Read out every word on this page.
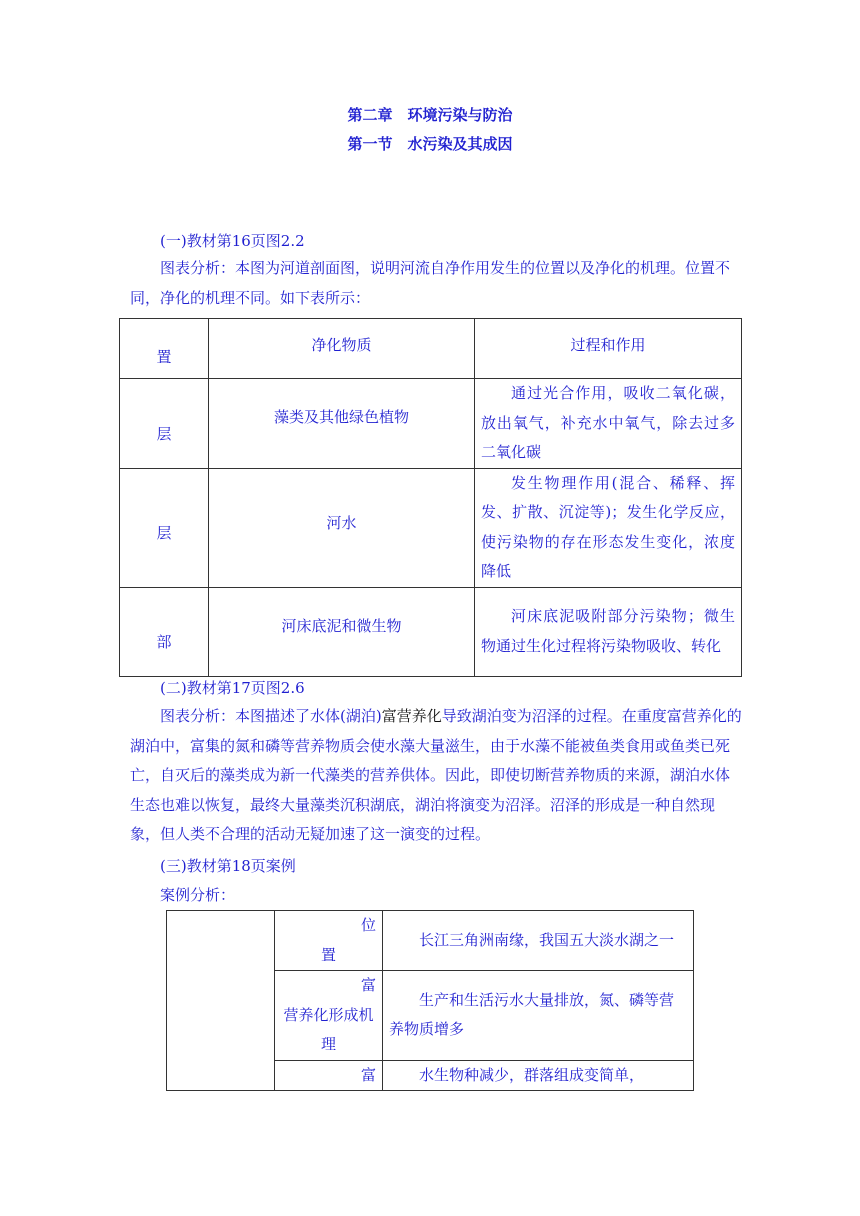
第二章　环境污染与防治
第一节　水污染及其成因
(一)教材第16页图2.2
图表分析：本图为河道剖面图，说明河流自净作用发生的位置以及净化的机理。位置不同，净化的机理不同。如下表所示：
置	净化物质	过程和作用
层	藻类及其他绿色植物	通过光合作用，吸收二氧化碳，放出氧气，补充水中氧气，除去过多二氧化碳
层	河水	发生物理作用(混合、稀释、挥发、扩散、沉淀等)；发生化学反应，使污染物的存在形态发生变化，浓度降低
部	河床底泥和微生物	河床底泥吸附部分污染物；微生物通过生化过程将污染物吸收、转化
(二)教材第17页图2.6
图表分析：本图描述了水体(湖泊)富营养化导致湖泊变为沼泽的过程。在重度富营养化的湖泊中，富集的氮和磷等营养物质会使水藻大量滋生，由于水藻不能被鱼类食用或鱼类已死亡，自灭后的藻类成为新一代藻类的营养供体。因此，即使切断营养物质的来源，湖泊水体生态也难以恢复，最终大量藻类沉积湖底，湖泊将演变为沼泽。沼泽的形成是一种自然现象，但人类不合理的活动无疑加速了这一演变的过程。
(三)教材第18页案例
案例分析：

	位
置	长江三角洲南缘，我国五大淡水湖之一

	富
营养化形成机
理	生产和生活污水大量排放，氮、磷等营养物质增多

	富	水生物种减少，群落组成变简单，
